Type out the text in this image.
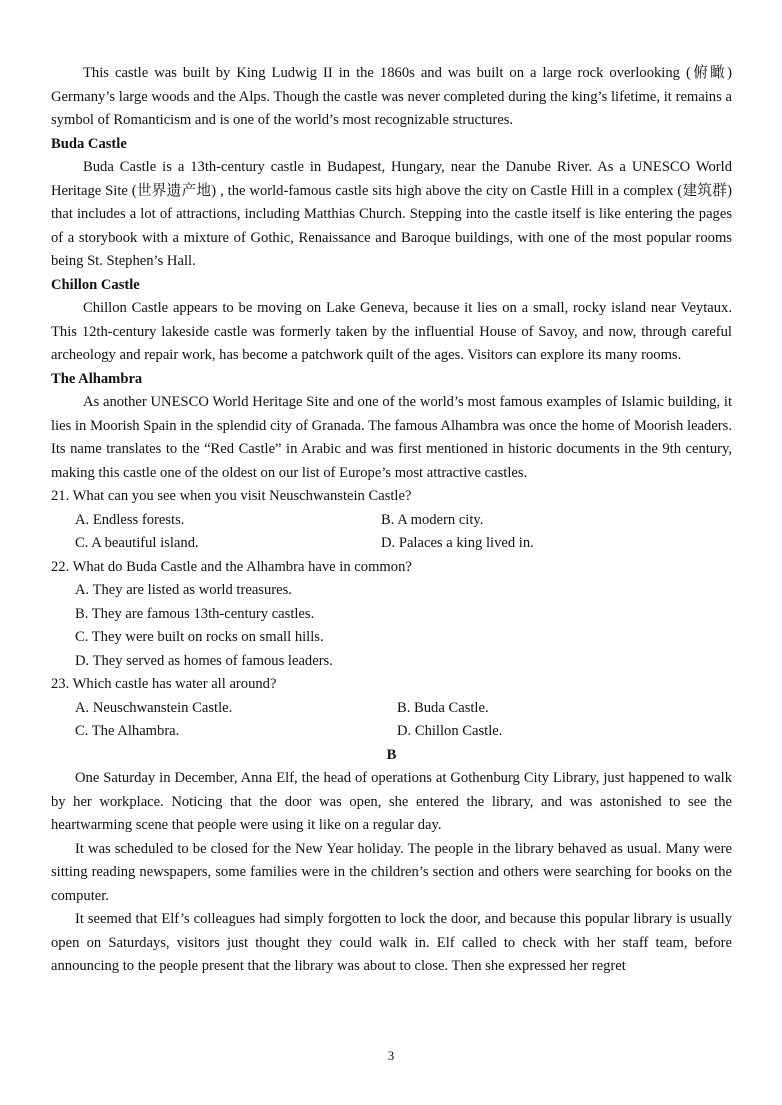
This castle was built by King Ludwig II in the 1860s and was built on a large rock overlooking (俯瞰) Germany’s large woods and the Alps. Though the castle was never completed during the king’s lifetime, it remains a symbol of Romanticism and is one of the world’s most recognizable structures.

Buda Castle

Buda Castle is a 13th-century castle in Budapest, Hungary, near the Danube River. As a UNESCO World Heritage Site (世界遗产地) , the world-famous castle sits high above the city on Castle Hill in a complex (建筑群) that includes a lot of attractions, including Matthias Church. Stepping into the castle itself is like entering the pages of a storybook with a mixture of Gothic, Renaissance and Baroque buildings, with one of the most popular rooms being St. Stephen’s Hall.

Chillon Castle

Chillon Castle appears to be moving on Lake Geneva, because it lies on a small, rocky island near Veytaux. This 12th-century lakeside castle was formerly taken by the influential House of Savoy, and now, through careful archeology and repair work, has become a patchwork quilt of the ages. Visitors can explore its many rooms.

The Alhambra

As another UNESCO World Heritage Site and one of the world’s most famous examples of Islamic building, it lies in Moorish Spain in the splendid city of Granada. The famous Alhambra was once the home of Moorish leaders. Its name translates to the “Red Castle” in Arabic and was first mentioned in historic documents in the 9th century, making this castle one of the oldest on our list of Europe’s most attractive castles.

21. What can you see when you visit Neuschwanstein Castle?
A. Endless forests.	B. A modern city.
C. A beautiful island.	D. Palaces a king lived in.
22. What do Buda Castle and the Alhambra have in common?
A. They are listed as world treasures.
B. They are famous 13th-century castles.
C. They were built on rocks on small hills.
D. They served as homes of famous leaders.
23. Which castle has water all around?
A. Neuschwanstein Castle.	B. Buda Castle.
C. The Alhambra.	D. Chillon Castle.
B

One Saturday in December, Anna Elf, the head of operations at Gothenburg City Library, just happened to walk by her workplace. Noticing that the door was open, she entered the library, and was astonished to see the heartwarming scene that people were using it like on a regular day.

It was scheduled to be closed for the New Year holiday. The people in the library behaved as usual. Many were sitting reading newspapers, some families were in the children’s section and others were searching for books on the computer.

It seemed that Elf’s colleagues had simply forgotten to lock the door, and because this popular library is usually open on Saturdays, visitors just thought they could walk in. Elf called to check with her staff team, before announcing to the people present that the library was about to close. Then she expressed her regret

3
